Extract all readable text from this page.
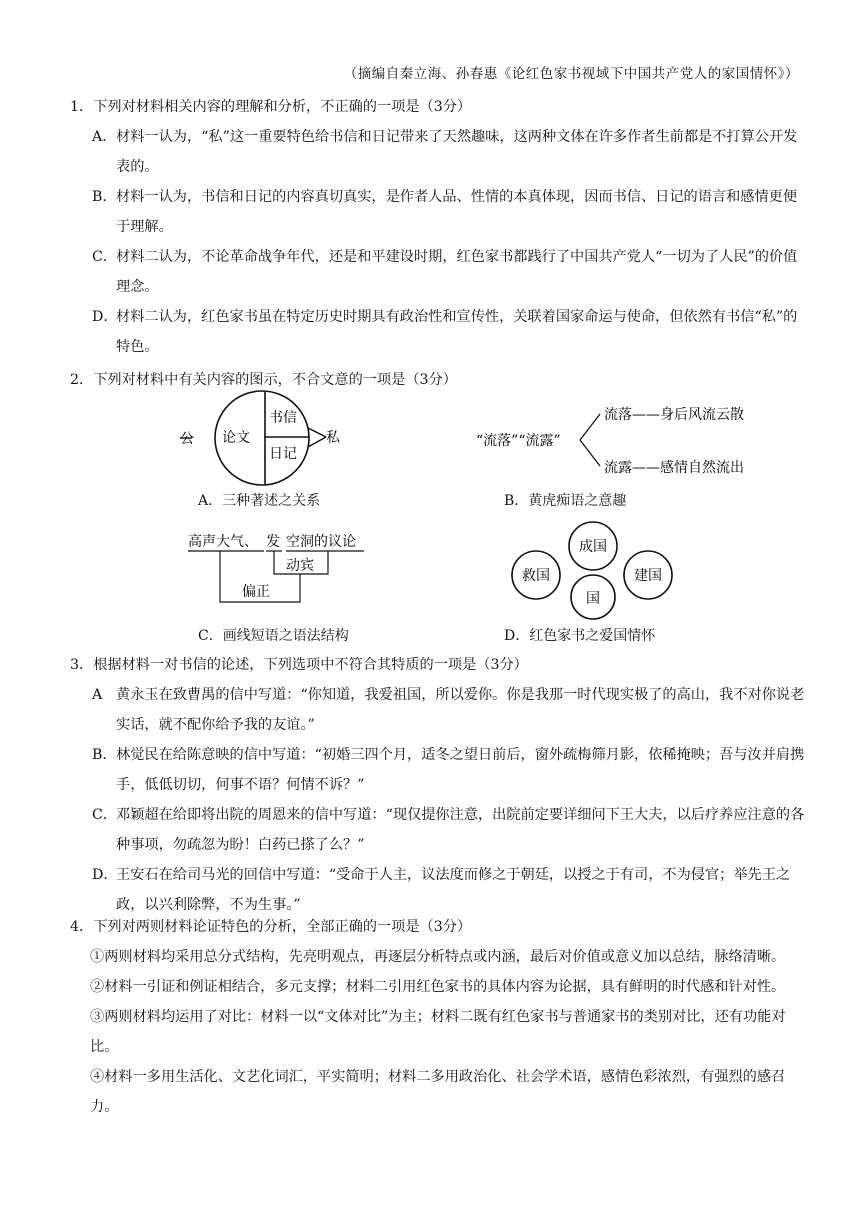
（摘编自秦立海、孙春惠《论红色家书视域下中国共产党人的家国情怀》）

1．下列对材料相关内容的理解和分析，不正确的一项是（3分）

A． 材料一认为，“私”这一重要特色给书信和日记带来了天然趣味，这两种文体在许多作者生前都是不打算公开发表的。

B． 材料一认为，书信和日记的内容真切真实，是作者人品、性情的本真体现，因而书信、日记的语言和感情更便于理解。

C．
材料二认为，不论革命战争年代，还是和平建设时期，红色家书都践行了中国共产党人“一切为了人民”的价值理念。

D．
材料二认为，红色家书虽在特定历史时期具有政治性和宣传性，关联着国家命运与使命，但依然有书信“私”的特色。

2．下列对材料中有关内容的图示，不合文意的一项是（3分）

公 论文
书信
日记
私
A．三种著述之关系
“流落”“流露”
流落——身后风流云散
流露——感情自然流出
B．黄虎痴语之意趣
高声大气、 发 空洞的议论
动宾
偏正
C．画线短语之语法结构
成国
救国
国
建国
D．红色家书之爱国情怀

3．根据材料一对书信的论述，下列选项中不符合其特质的一项是（3分）

A 黄永玉在致曹禺的信中写道：“你知道，我爱祖国，所以爱你。你是我那一时代现实极了的高山，我不对你说老实话，就不配你给予我的友谊。”

B． 林觉民在给陈意映的信中写道：“初婚三四个月，适冬之望日前后，窗外疏梅筛月影，依稀掩映；吾与汝并肩携手，低低切切，何事不语？何情不诉？”

C．
邓颖超在给即将出院的周恩来的信中写道：“现仅提你注意，出院前定要详细问下王大夫，以后疗养应注意的各种事项，勿疏忽为盼！白药已搽了么？”

D．
王安石在给司马光的回信中写道：“受命于人主，议法度而修之于朝廷，以授之于有司，不为侵官；举先王之政，以兴利除弊，不为生事。”

4．下列对两则材料论证特色的分析，全部正确的一项是（3分）

①两则材料均采用总分式结构，先亮明观点，再逐层分析特点或内涵，最后对价值或意义加以总结，脉络清晰。

②材料一引证和例证相结合，多元支撑；材料二引用红色家书的具体内容为论据，具有鲜明的时代感和针对性。

③两则材料均运用了对比：材料一以“文体对比”为主；材料二既有红色家书与普通家书的类别对比，还有功能对比。

④材料一多用生活化、文艺化词汇，平实简明；材料二多用政治化、社会学术语，感情色彩浓烈，有强烈的感召力。
